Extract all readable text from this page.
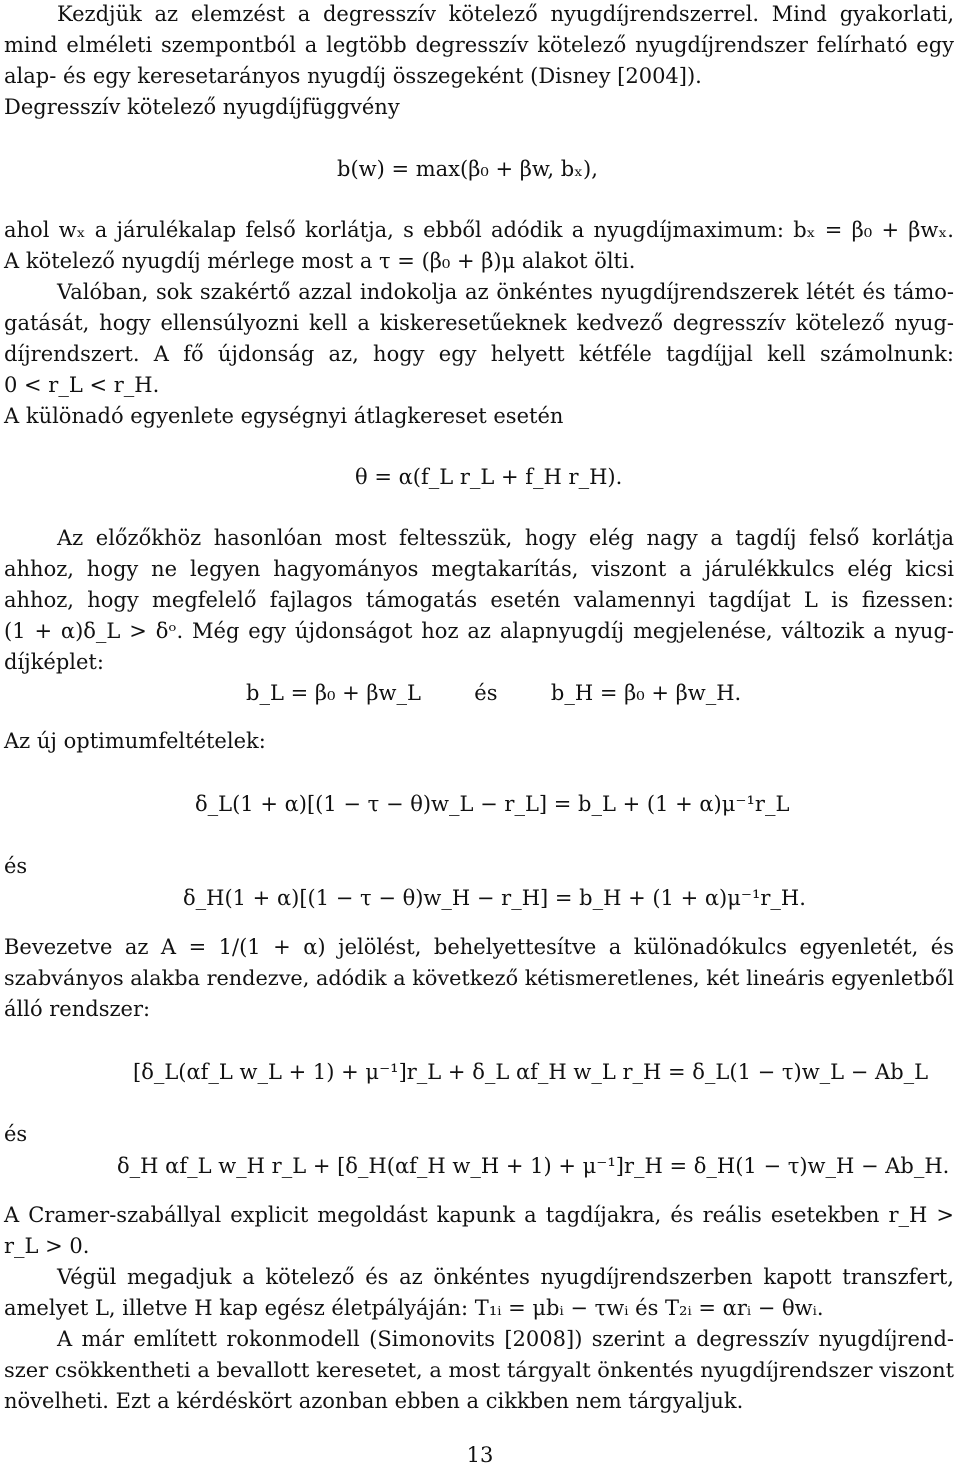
Kezdjük az elemzést a degresszív kötelező nyugdíjrendszerrel. Mind gyakorlati,
mind elméleti szempontból a legtöbb degresszív kötelező nyugdíjrendszer felírható egy
alap- és egy keresetarányos nyugdíj összegeként (Disney [2004]).
Degresszív kötelező nyugdíjfüggvény
b(w) = max(β₀ + βw, bₓ),
ahol wₓ a járulékalap felső korlátja, s ebből adódik a nyugdíjmaximum: bₓ = β₀ + βwₓ.
A kötelező nyugdíj mérlege most a τ = (β₀ + β)μ alakot ölti.
Valóban, sok szakértő azzal indokolja az önkéntes nyugdíjrendszerek létét és támo-
gatását, hogy ellensúlyozni kell a kiskeresetűeknek kedvező degresszív kötelező nyug-
díjrendszert. A fő újdonság az, hogy egy helyett kétféle tagdíjjal kell számolnunk:
0 < r_L < r_H.
A különadó egyenlete egységnyi átlagkereset esetén
θ = α(f_L r_L + f_H r_H).
Az előzőkhöz hasonlóan most feltesszük, hogy elég nagy a tagdíj felső korlátja
ahhoz, hogy ne legyen hagyományos megtakarítás, viszont a járulékkulcs elég kicsi
ahhoz, hogy megfelelő fajlagos támogatás esetén valamennyi tagdíjat L is fizessen:
(1 + α)δ_L > δᵒ. Még egy újdonságot hoz az alapnyugdíj megjelenése, változik a nyug-
díjképlet:
b_L = β₀ + βw_L        és        b_H = β₀ + βw_H.
Az új optimumfeltételek:
δ_L(1 + α)[(1 − τ − θ)w_L − r_L] = b_L + (1 + α)μ⁻¹r_L
és
δ_H(1 + α)[(1 − τ − θ)w_H − r_H] = b_H + (1 + α)μ⁻¹r_H.
Bevezetve az A = 1/(1 + α) jelölést, behelyettesítve a különadókulcs egyenletét, és
szabványos alakba rendezve, adódik a következő kétismeretlenes, két lineáris egyenletből
álló rendszer:
[δ_L(αf_L w_L + 1) + μ⁻¹]r_L + δ_L αf_H w_L r_H = δ_L(1 − τ)w_L − Ab_L
és
δ_H αf_L w_H r_L + [δ_H(αf_H w_H + 1) + μ⁻¹]r_H = δ_H(1 − τ)w_H − Ab_H.
A Cramer-szabállyal explicit megoldást kapunk a tagdíjakra, és reális esetekben r_H >
r_L > 0.
Végül megadjuk a kötelező és az önkéntes nyugdíjrendszerben kapott transzfert,
amelyet L, illetve H kap egész életpályáján: T₁ᵢ = μbᵢ − τwᵢ és T₂ᵢ = αrᵢ − θwᵢ.
A már említett rokonmodell (Simonovits [2008]) szerint a degresszív nyugdíjrend-
szer csökkentheti a bevallott keresetet, a most tárgyalt önkentés nyugdíjrendszer viszont
növelheti. Ezt a kérdéskört azonban ebben a cikkben nem tárgyaljuk.
13
